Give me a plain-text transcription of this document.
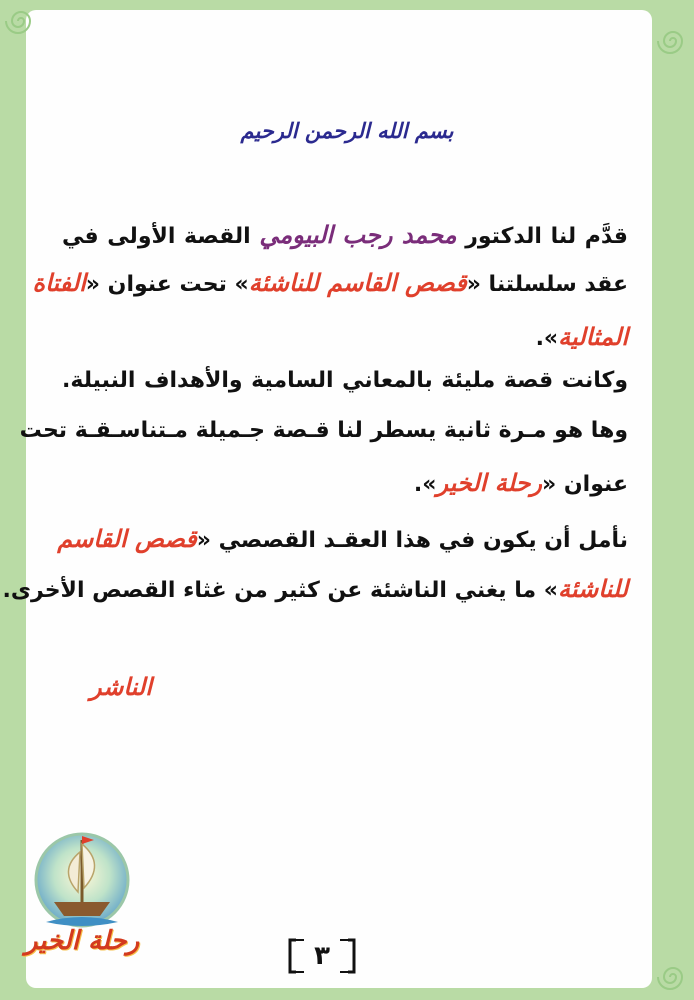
بسم الله الرحمن الرحيم
قدَّم لنا الدكتور محمد رجب البيومي القصة الأولى في
عقد سلسلتنا «قصص القاسم للناشئة» تحت عنوان «الفتاة
المثالية».
وكانت قصة مليئة بالمعاني السامية والأهداف النبيلة.
وها هو مـرة ثانية يسطر لنا قـصة جـميلة مـتناسـقـة تحت
عنوان «رحلة الخير».
نأمل أن يكون في هذا العقـد القصصي «قصص القاسم
للناشئة» ما يغني الناشئة عن كثير من غثاء القصص الأخرى.
الناشر
رحلة الخير	٣
